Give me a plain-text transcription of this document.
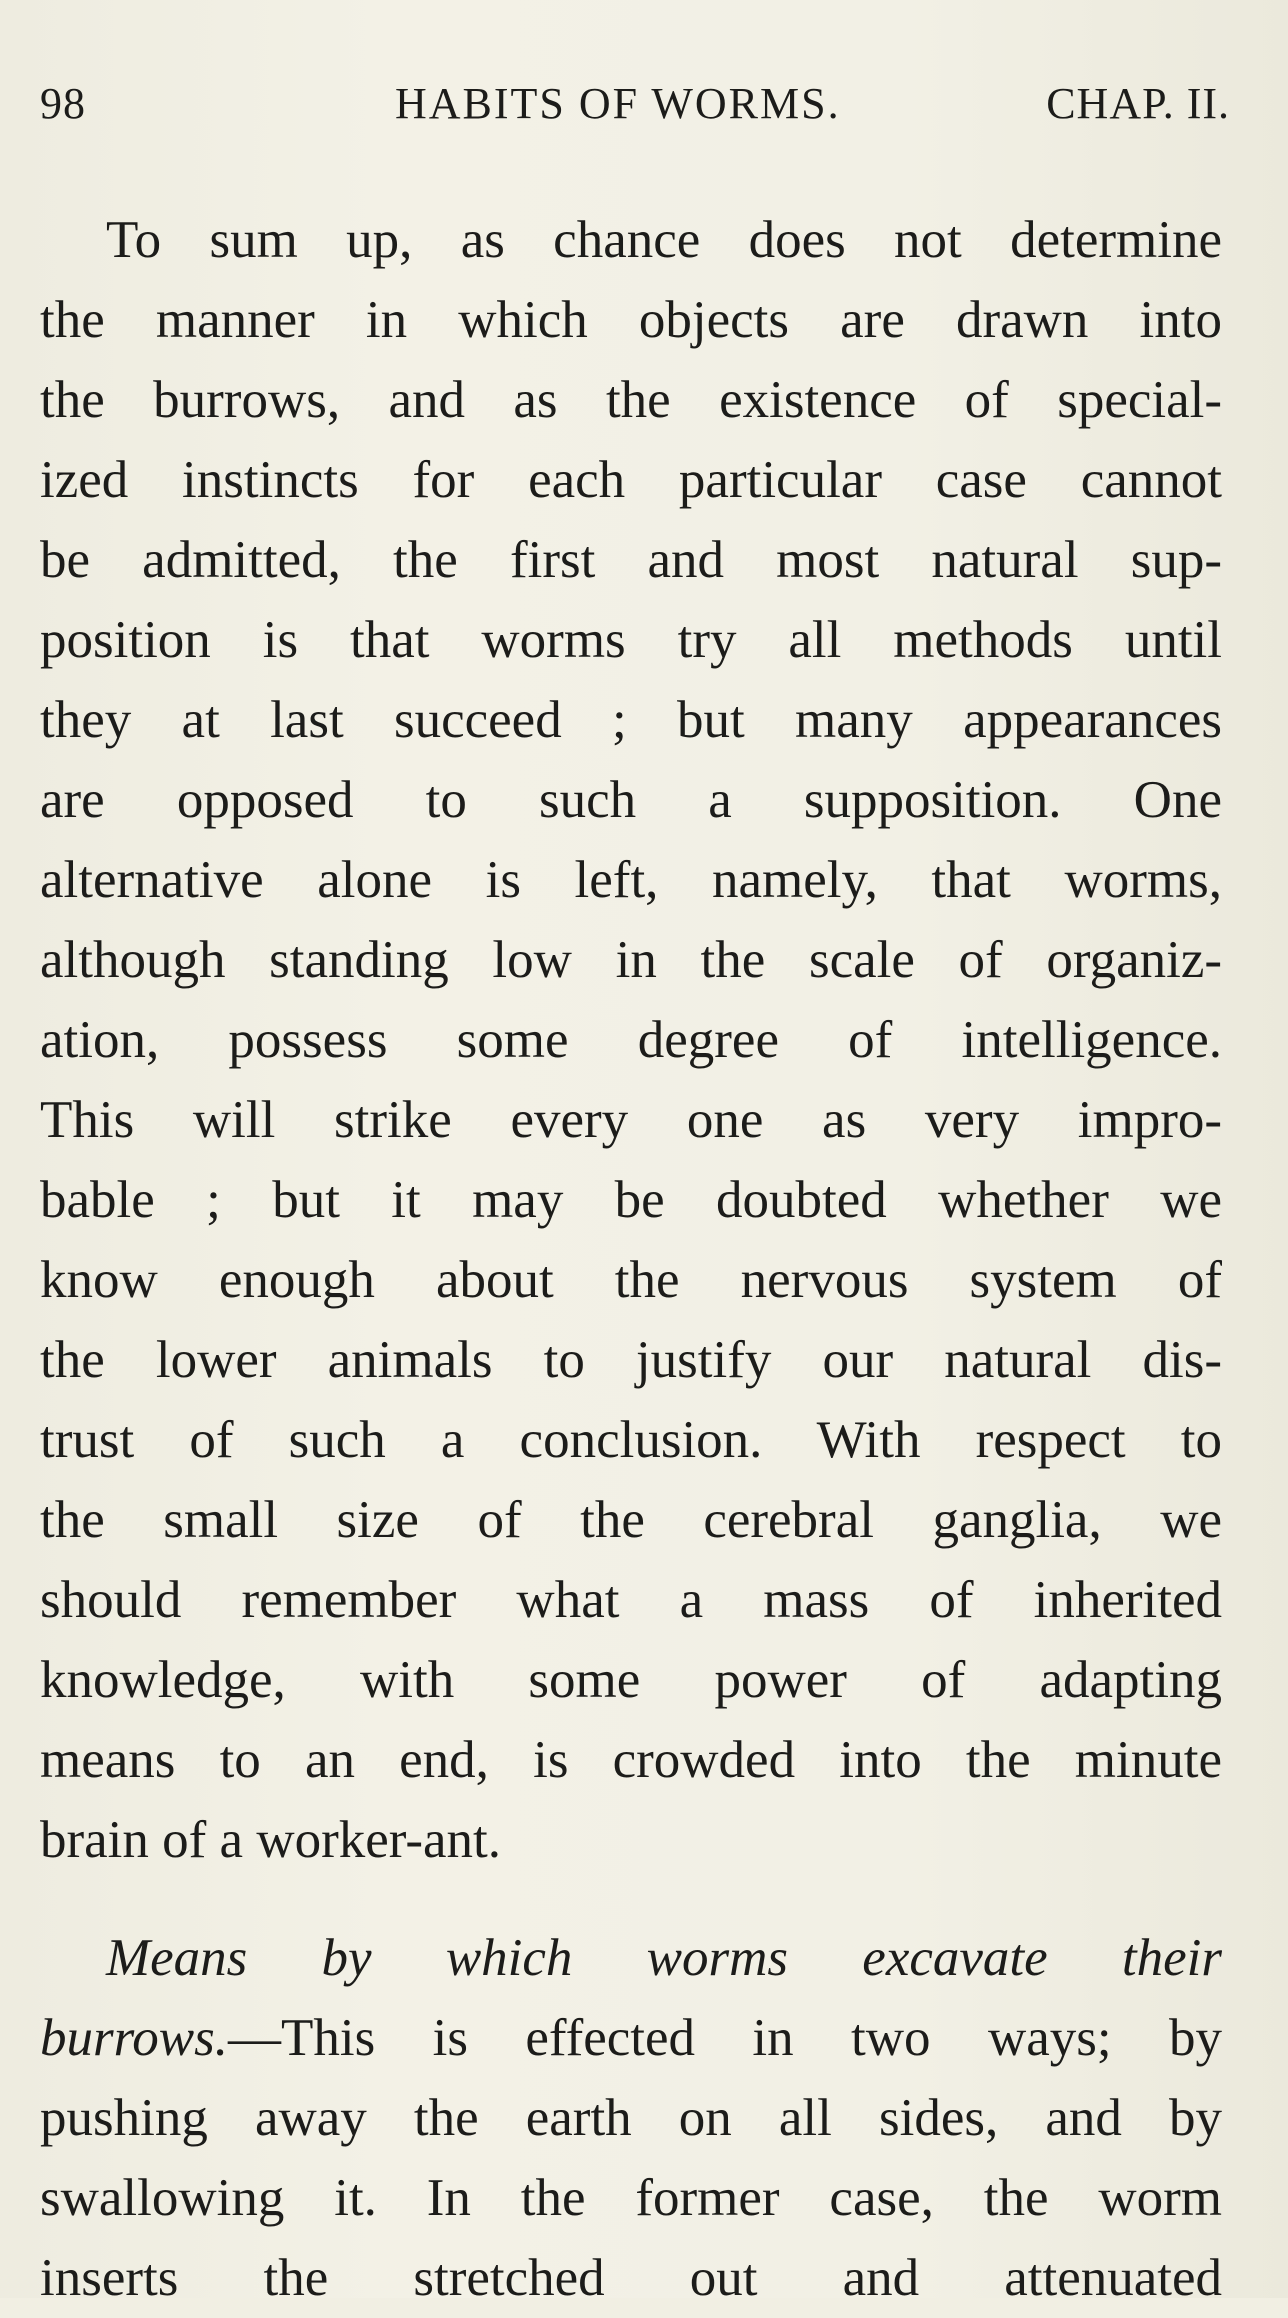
98	HABITS OF WORMS.	CHAP. II.
To sum up, as chance does not determine
the manner in which objects are drawn into
the burrows, and as the existence of special-
ized instincts for each particular case cannot
be admitted, the first and most natural sup-
position is that worms try all methods until
they at last succeed ; but many appearances
are opposed to such a supposition. One
alternative alone is left, namely, that worms,
although standing low in the scale of organiz-
ation, possess some degree of intelligence.
This will strike every one as very impro-
bable ; but it may be doubted whether we
know enough about the nervous system of
the lower animals to justify our natural dis-
trust of such a conclusion. With respect to
the small size of the cerebral ganglia, we
should remember what a mass of inherited
knowledge, with some power of adapting
means to an end, is crowded into the minute
brain of a worker-ant.
Means by which worms excavate their
burrows.—This is effected in two ways; by
pushing away the earth on all sides, and by
swallowing it. In the former case, the worm
inserts the stretched out and attenuated
